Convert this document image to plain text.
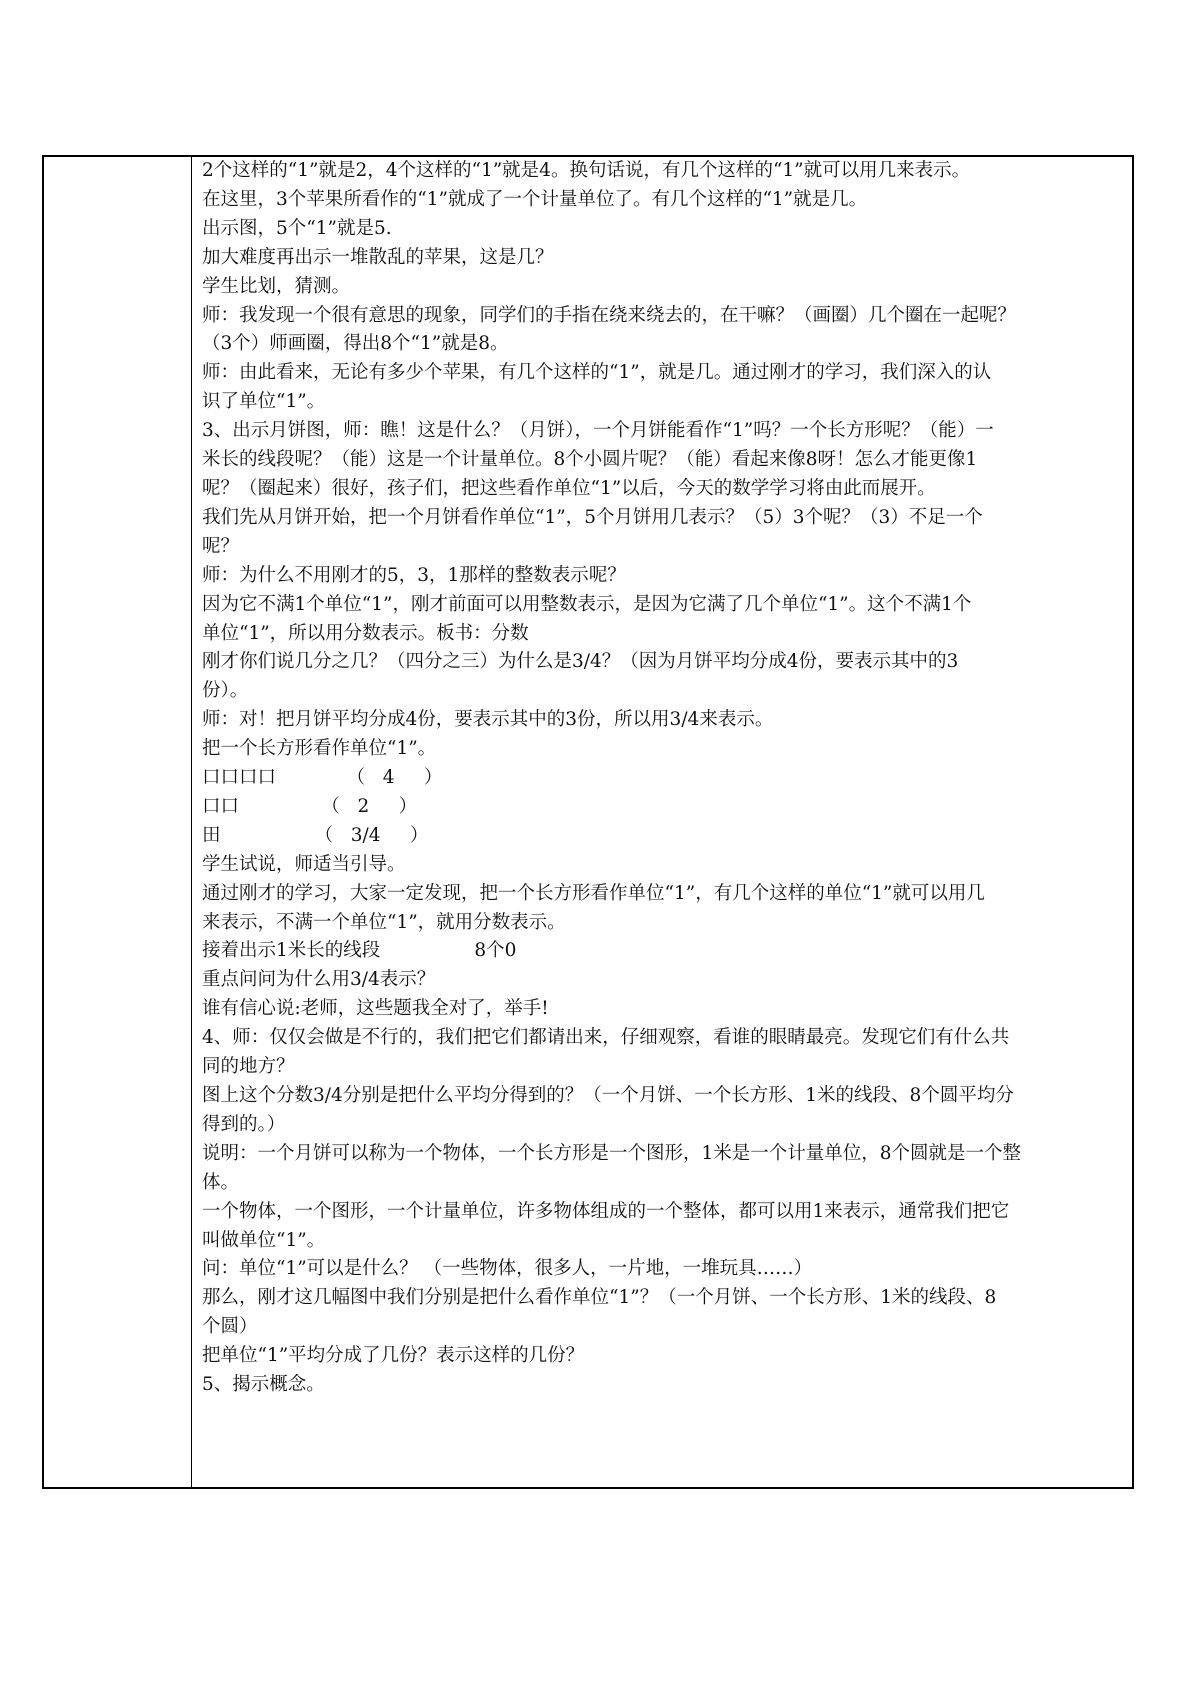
2个这样的“1”就是2，4个这样的“1”就是4。换句话说，有几个这样的“1”就可以用几来表示。

在这里，3个苹果所看作的“1”就成了一个计量单位了。有几个这样的“1”就是几。

出示图，5个“1”就是5.

加大难度再出示一堆散乱的苹果，这是几？

学生比划，猜测。

师：我发现一个很有意思的现象，同学们的手指在绕来绕去的，在干嘛？（画圈）几个圈在一起呢？

（3个）师画圈，得出8个“1”就是8。

师：由此看来，无论有多少个苹果，有几个这样的“1”，就是几。通过刚才的学习，我们深入的认

识了单位“1”。

3、出示月饼图，师：瞧！这是什么？（月饼），一个月饼能看作“1”吗？一个长方形呢？（能）一

米长的线段呢？（能）这是一个计量单位。8个小圆片呢？（能）看起来像8呀！怎么才能更像1

呢？（圈起来）很好，孩子们，把这些看作单位“1”以后，今天的数学学习将由此而展开。

我们先从月饼开始，把一个月饼看作单位“1”，5个月饼用几表示？（5）3个呢？（3）不足一个

呢？

师：为什么不用刚才的5，3，1那样的整数表示呢？

因为它不满1个单位“1”，刚才前面可以用整数表示，是因为它满了几个单位“1”。这个不满1个

单位“1”，所以用分数表示。板书：分数

刚才你们说几分之几？（四分之三）为什么是3/4？（因为月饼平均分成4份，要表示其中的3

份）。

师：对！把月饼平均分成4份，要表示其中的3份，所以用3/4来表示。

把一个长方形看作单位“1”。

口口口口            （   4     ）

口口              （   2     ）

田                （   3/4     ）

学生试说，师适当引导。

通过刚才的学习，大家一定发现，把一个长方形看作单位“1”，有几个这样的单位“1”就可以用几

来表示，不满一个单位“1”，就用分数表示。

接着出示1米长的线段                8个0

重点问问为什么用3/4表示？

谁有信心说:老师，这些题我全对了，举手!

4、师：仅仅会做是不行的，我们把它们都请出来，仔细观察，看谁的眼睛最亮。发现它们有什么共

同的地方？

图上这个分数3/4分别是把什么平均分得到的？（一个月饼、一个长方形、1米的线段、8个圆平均分

得到的。）

说明：一个月饼可以称为一个物体，一个长方形是一个图形，1米是一个计量单位，8个圆就是一个整

体。

一个物体，一个图形，一个计量单位，许多物体组成的一个整体，都可以用1来表示，通常我们把它

叫做单位“1”。

问：单位“1”可以是什么？ （一些物体，很多人，一片地，一堆玩具……）

那么，刚才这几幅图中我们分别是把什么看作单位“1”？（一个月饼、一个长方形、1米的线段、8

个圆）

把单位“1”平均分成了几份？表示这样的几份？

5、揭示概念。
